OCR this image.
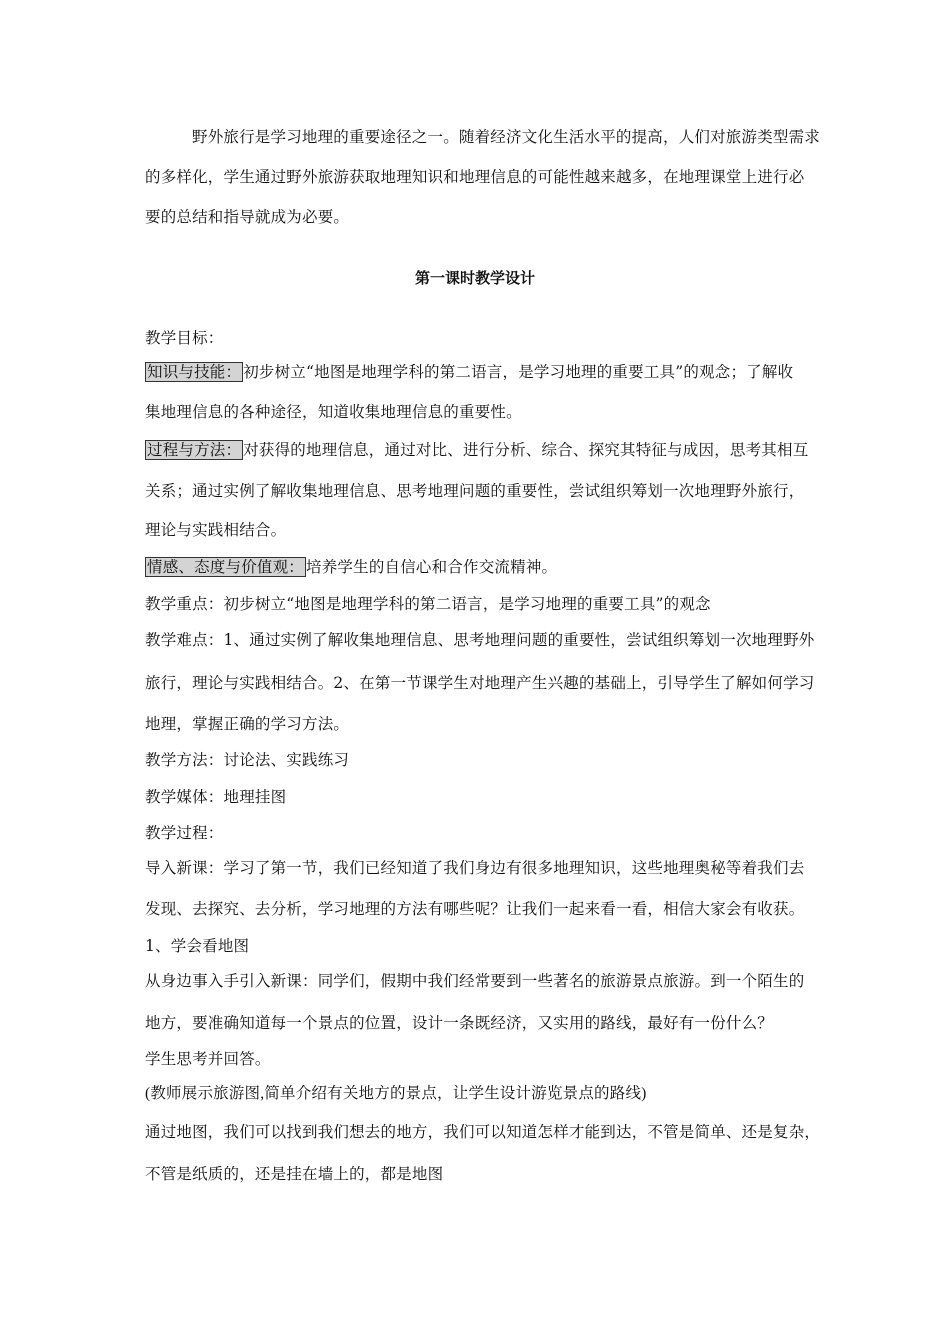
野外旅行是学习地理的重要途径之一。随着经济文化生活水平的提高，人们对旅游类型需求
的多样化，学生通过野外旅游获取地理知识和地理信息的可能性越来越多，在地理课堂上进行必
要的总结和指导就成为必要。
第一课时教学设计
教学目标：
知识与技能： 初步树立“地图是地理学科的第二语言，是学习地理的重要工具”的观念；了解收
集地理信息的各种途径，知道收集地理信息的重要性。
过程与方法： 对获得的地理信息，通过对比、进行分析、综合、探究其特征与成因，思考其相互
关系；通过实例了解收集地理信息、思考地理问题的重要性，尝试组织筹划一次地理野外旅行，
理论与实践相结合。
情感、态度与价值观： 培养学生的自信心和合作交流精神。
教学重点：初步树立“地图是地理学科的第二语言，是学习地理的重要工具”的观念
教学难点：1、通过实例了解收集地理信息、思考地理问题的重要性，尝试组织筹划一次地理野外
旅行，理论与实践相结合。2、在第一节课学生对地理产生兴趣的基础上，引导学生了解如何学习
地理，掌握正确的学习方法。
教学方法：讨论法、实践练习
教学媒体：地理挂图
教学过程：
导入新课：学习了第一节，我们已经知道了我们身边有很多地理知识，这些地理奥秘等着我们去
发现、去探究、去分析，学习地理的方法有哪些呢？让我们一起来看一看，相信大家会有收获。
1、学会看地图
从身边事入手引入新课：同学们，假期中我们经常要到一些著名的旅游景点旅游。到一个陌生的
地方，要准确知道每一个景点的位置，设计一条既经济，又实用的路线，最好有一份什么？
学生思考并回答。
(教师展示旅游图,简单介绍有关地方的景点，让学生设计游览景点的路线)
通过地图，我们可以找到我们想去的地方，我们可以知道怎样才能到达，不管是简单、还是复杂，
不管是纸质的，还是挂在墙上的，都是地图
